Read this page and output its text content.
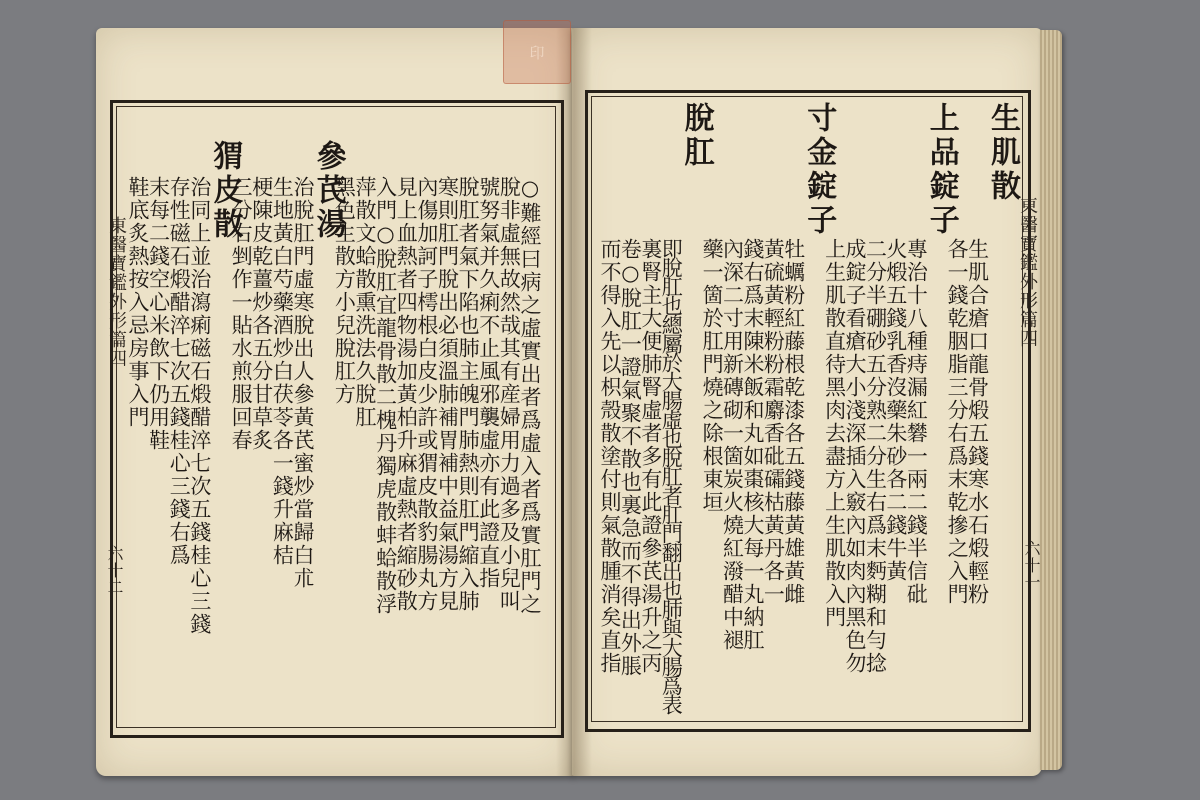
印
東醫寶鑑外形篇四
六十一
東醫寶鑑外形篇四
六十二
生肌散
生肌合瘡口龍骨煅五錢寒水石煅輕粉
各一錢乾胭脂三分右爲末乾摻之入門
上品錠子
專治十八種痔漏紅礬一兩二錢半信砒
火煅五錢乳香沒藥朱砂各二錢牛黃
二分半硼砂五分熟二分生右爲末麪糊和勻捻
成錠子看瘡大小淺深插入竅內如肉內黑色勿
上生肌散直待黑肉去盡方上生肌散入門
寸金錠子
牡蠣粉紅藤根乾漆各五錢藤黃雄黃雌
黃硫黃輕粉粉霜麝香砒礵枯黃丹各一
錢右爲末陳米飯和丸如棗核大每一丸納肛
內深二寸用新磚砌一箇炭火燒紅潑醋中褪
藥一箇於肛門燒之除根東垣
脫肛
即脫肛也總屬於大腸虛也脫肛者肛門翻出也肺與大腸爲表
裏腎主大便肺腎虛者多有此證參芪湯升之丙
卷○脫肛一證氣聚不散也裏急而不得出外脹
而不得入先以枳殼散塗付則氣散腫消矣直指
○難經曰病之虛實出者爲虛入者爲實肛門之
脫非虛無故然哉其有産婦用力過多及小兒叫
號努氣并久痢不止風邪襲虛亦有此證直指
脫肛者氣下陷也肺主魄門肺熱則肛門縮入肺
寒則肛門脫出必須溫肺補胃補中益氣湯方見
內傷加訶子樗根白皮少許或猬皮散豹腸丸方
見上血熱者四物湯加黃柏升麻虛熱者縮砂散
入門○脫肛宜龍骨散二槐丹獨虎散蚌蛤散浮
萍散文蛤散熏洗法久脫肛
黑色生散方小兒脫肛方
參芪湯
治脫肛門虛寒脫出人參黃芪蜜炒當歸白朮
生地黃白芍藥酒炒白茯苓各一錢升麻桔
梗陳皮乾薑炒各五分甘草炙
三分右剉作一貼水煎服回春
猬皮散
治同上並治瀉痢磁石煅醋淬七次五錢桂心三錢
存性磁石煅醋淬七次五錢桂心三錢右爲
末每二錢空心米飲下仍用鞋
鞋底炙熱按入忌房事入門
